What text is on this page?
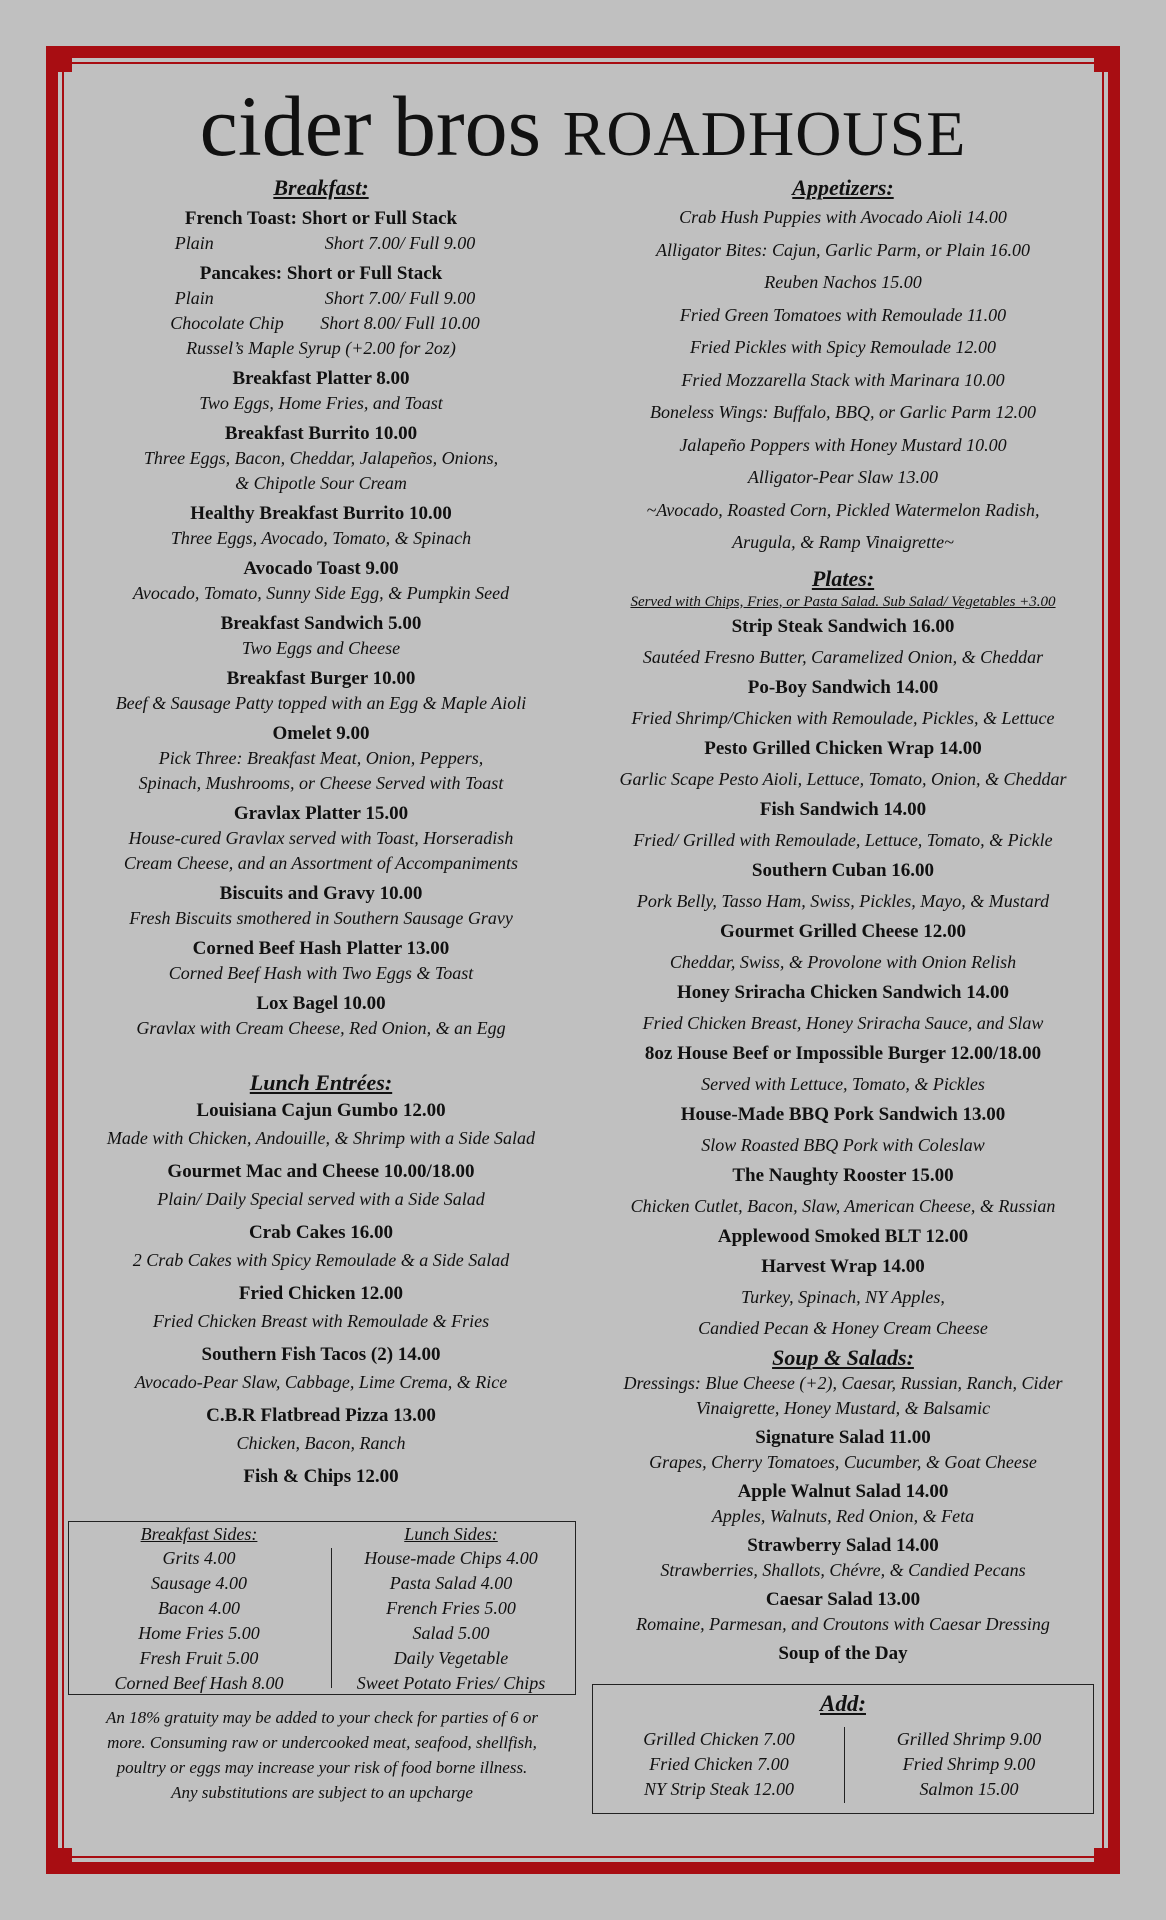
cider bros ROADHOUSE
Breakfast:
French Toast: Short or Full Stack
Plain	Short 7.00/ Full 9.00
Pancakes: Short or Full Stack
Plain	Short 7.00/ Full 9.00
Chocolate Chip	Short 8.00/ Full 10.00
Russel’s Maple Syrup (+2.00 for 2oz)
Breakfast Platter 8.00
Two Eggs, Home Fries, and Toast
Breakfast Burrito 10.00
Three Eggs, Bacon, Cheddar, Jalapeños, Onions,
& Chipotle Sour Cream
Healthy Breakfast Burrito 10.00
Three Eggs, Avocado, Tomato, & Spinach
Avocado Toast 9.00
Avocado, Tomato, Sunny Side Egg, & Pumpkin Seed
Breakfast Sandwich 5.00
Two Eggs and Cheese
Breakfast Burger 10.00
Beef & Sausage Patty topped with an Egg & Maple Aioli
Omelet 9.00
Pick Three: Breakfast Meat, Onion, Peppers,
Spinach, Mushrooms, or Cheese Served with Toast
Gravlax Platter 15.00
House-cured Gravlax served with Toast, Horseradish
Cream Cheese, and an Assortment of Accompaniments
Biscuits and Gravy 10.00
Fresh Biscuits smothered in Southern Sausage Gravy
Corned Beef Hash Platter 13.00
Corned Beef Hash with Two Eggs & Toast
Lox Bagel 10.00
Gravlax with Cream Cheese, Red Onion, & an Egg
Lunch Entrées:
Louisiana Cajun Gumbo 12.00
Made with Chicken, Andouille, & Shrimp with a Side Salad
Gourmet Mac and Cheese 10.00/18.00
Plain/ Daily Special served with a Side Salad
Crab Cakes 16.00
2 Crab Cakes with Spicy Remoulade & a Side Salad
Fried Chicken 12.00
Fried Chicken Breast with Remoulade & Fries
Southern Fish Tacos (2) 14.00
Avocado-Pear Slaw, Cabbage, Lime Crema, & Rice
C.B.R Flatbread Pizza 13.00
Chicken, Bacon, Ranch
Fish & Chips 12.00
Breakfast Sides:
Grits 4.00
Sausage 4.00
Bacon 4.00
Home Fries 5.00
Fresh Fruit 5.00
Corned Beef Hash 8.00
Lunch Sides:
House-made Chips 4.00
Pasta Salad 4.00
French Fries 5.00
Salad 5.00
Daily Vegetable
Sweet Potato Fries/ Chips
An 18% gratuity may be added to your check for parties of 6 or
more. Consuming raw or undercooked meat, seafood, shellfish,
poultry or eggs may increase your risk of food borne illness.
Any substitutions are subject to an upcharge
Appetizers:
Crab Hush Puppies with Avocado Aioli 14.00
Alligator Bites: Cajun, Garlic Parm, or Plain 16.00
Reuben Nachos 15.00
Fried Green Tomatoes with Remoulade 11.00
Fried Pickles with Spicy Remoulade 12.00
Fried Mozzarella Stack with Marinara 10.00
Boneless Wings: Buffalo, BBQ, or Garlic Parm 12.00
Jalapeño Poppers with Honey Mustard 10.00
Alligator-Pear Slaw 13.00
~Avocado, Roasted Corn, Pickled Watermelon Radish,
Arugula, & Ramp Vinaigrette~
Plates:
Served with Chips, Fries, or Pasta Salad. Sub Salad/ Vegetables +3.00
Strip Steak Sandwich 16.00
Sautéed Fresno Butter, Caramelized Onion, & Cheddar
Po-Boy Sandwich 14.00
Fried Shrimp/Chicken with Remoulade, Pickles, & Lettuce
Pesto Grilled Chicken Wrap 14.00
Garlic Scape Pesto Aioli, Lettuce, Tomato, Onion, & Cheddar
Fish Sandwich 14.00
Fried/ Grilled with Remoulade, Lettuce, Tomato, & Pickle
Southern Cuban 16.00
Pork Belly, Tasso Ham, Swiss, Pickles, Mayo, & Mustard
Gourmet Grilled Cheese 12.00
Cheddar, Swiss, & Provolone with Onion Relish
Honey Sriracha Chicken Sandwich 14.00
Fried Chicken Breast, Honey Sriracha Sauce, and Slaw
8oz House Beef or Impossible Burger 12.00/18.00
Served with Lettuce, Tomato, & Pickles
House-Made BBQ Pork Sandwich 13.00
Slow Roasted BBQ Pork with Coleslaw
The Naughty Rooster 15.00
Chicken Cutlet, Bacon, Slaw, American Cheese, & Russian
Applewood Smoked BLT 12.00
Harvest Wrap 14.00
Turkey, Spinach, NY Apples,
Candied Pecan & Honey Cream Cheese
Soup & Salads:
Dressings: Blue Cheese (+2), Caesar, Russian, Ranch, Cider
Vinaigrette, Honey Mustard, & Balsamic
Signature Salad 11.00
Grapes, Cherry Tomatoes, Cucumber, & Goat Cheese
Apple Walnut Salad 14.00
Apples, Walnuts, Red Onion, & Feta
Strawberry Salad 14.00
Strawberries, Shallots, Chévre, & Candied Pecans
Caesar Salad 13.00
Romaine, Parmesan, and Croutons with Caesar Dressing
Soup of the Day
Add:
Grilled Chicken 7.00
Fried Chicken 7.00
NY Strip Steak 12.00
Grilled Shrimp 9.00
Fried Shrimp 9.00
Salmon 15.00
